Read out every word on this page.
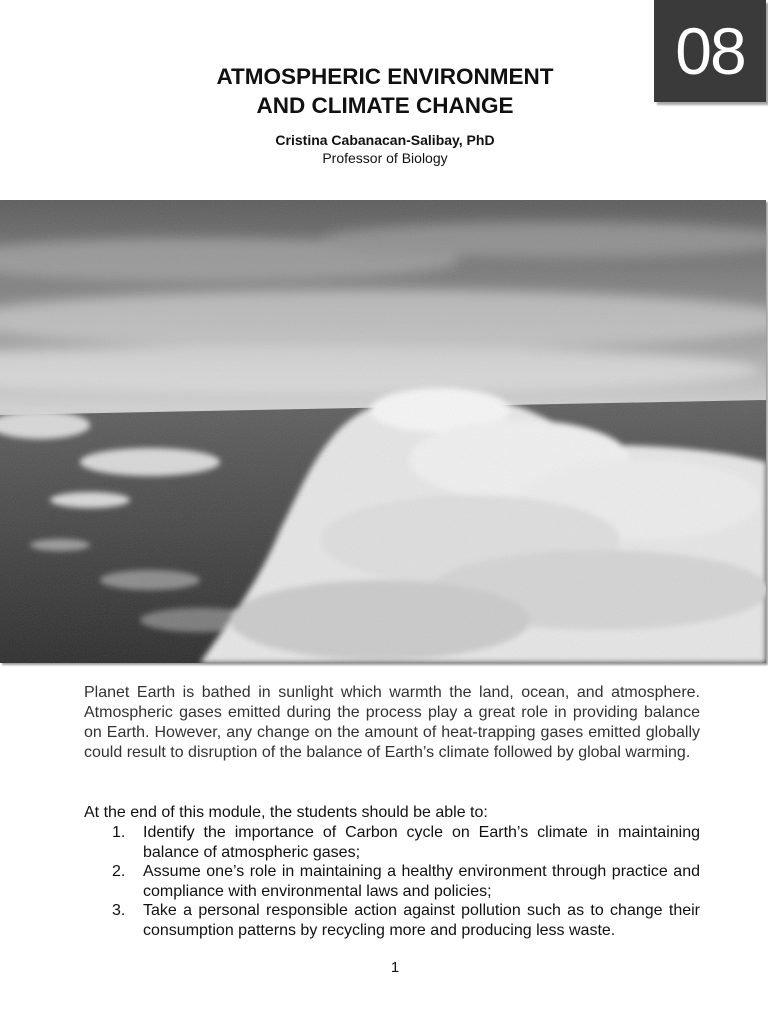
08
ATMOSPHERIC ENVIRONMENT
AND CLIMATE CHANGE
Cristina Cabanacan-Salibay, PhD
Professor of Biology
Planet Earth is bathed in sunlight which warmth the land, ocean, and atmosphere. Atmospheric gases emitted during the process play a great role in providing balance on Earth. However, any change on the amount of heat-trapping gases emitted globally could result to disruption of the balance of Earth’s climate followed by global warming.
At the end of this module, the students should be able to:
1. Identify the importance of Carbon cycle on Earth’s climate in maintaining balance of atmospheric gases;
2. Assume one’s role in maintaining a healthy environment through practice and compliance with environmental laws and policies;
3. Take a personal responsible action against pollution such as to change their consumption patterns by recycling more and producing less waste.
1
